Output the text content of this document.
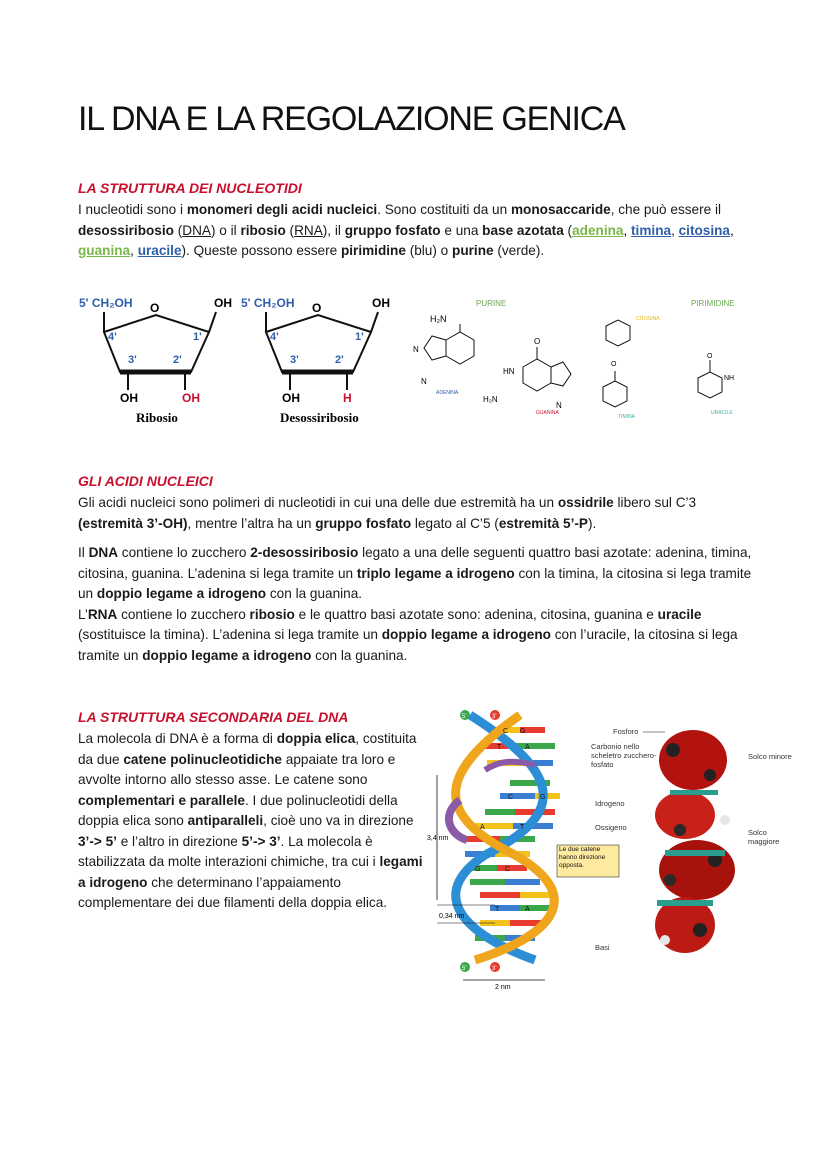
IL DNA E LA REGOLAZIONE GENICA
LA STRUTTURA DEI NUCLEOTIDI
I nucleotidi sono i monomeri degli acidi nucleici. Sono costituiti da un monosaccaride, che può essere il desossiribosio (DNA) o il ribosio (RNA), il gruppo fosfato e una base azotata (adenina, timina, citosina, guanina, uracile). Queste possono essere pirimidine (blu) o purine (verde).
5' CH₂OH O	OH
4'	1'
3'	2'
OH	OH
Ribosio
5' CH₂OH O	OH
4'	1'
3'	2'
OH	H
Desossiribosio
PURINE	PIRIMIDINE
H₂N
N
N
ADENINA
O
HN
H₂N
N
GUANINA
CITOSINA
O
TIMINA
O
NH
URACILE
GLI ACIDI NUCLEICI
Gli acidi nucleici sono polimeri di nucleotidi in cui una delle due estremità ha un ossidrile libero sul C’3 (estremità 3’-OH), mentre l’altra ha un gruppo fosfato legato al C’5 (estremità 5’-P).
Il DNA contiene lo zucchero 2-desossiribosio legato a una delle seguenti quattro basi azotate: adenina, timina, citosina, guanina. L’adenina si lega tramite un triplo legame a idrogeno con la timina, la citosina si lega tramite un doppio legame a idrogeno con la guanina.
L’RNA contiene lo zucchero ribosio e le quattro basi azotate sono: adenina, citosina, guanina e uracile (sostituisce la timina). L’adenina si lega tramite un doppio legame a idrogeno con l’uracile, la citosina si lega tramite un doppio legame a idrogeno con la guanina.
LA STRUTTURA SECONDARIA DEL DNA
La molecola di DNA è a forma di doppia elica, costituita da due catene polinucleotidiche appaiate tra loro e avvolte intorno allo stesso asse. Le catene sono complementari e parallele. I due polinucleotidi della doppia elica sono antiparalleli, cioè uno va in direzione 3’-> 5’ e l’altro in direzione 5’-> 3’. La molecola è stabilizzata da molte interazioni chimiche, tra cui i legami a idrogeno che determinano l’appaiamento complementare dei due filamenti della doppia elica.
5'	3'
5'	3'
C G
T	A
C	G
A	T
G	C
T	A
3,4 nm
0,34 nm
2 nm
Le due catene hanno direzione opposta.
Fosforo
Carbonio nello scheletro zucchero-fosfato
Idrogeno
Ossigeno
Basi
Solco minore
Solco maggiore
